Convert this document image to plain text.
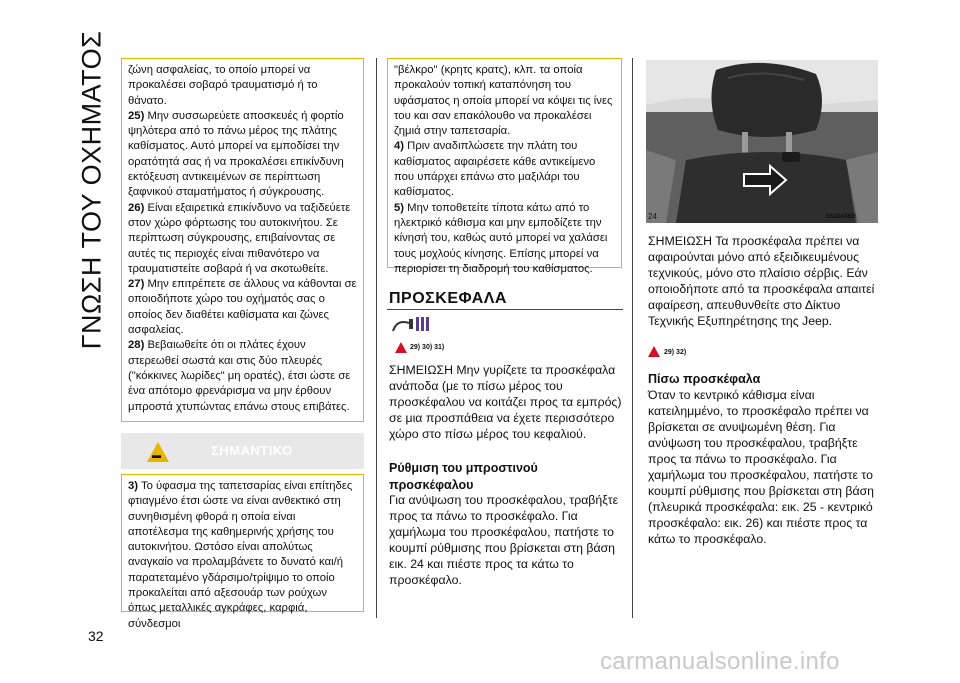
ΓΝΩΣΗ ΤΟΥ ΟΧΗΜΑΤΟΣ
32

ζώνη ασφαλείας, το οποίο μπορεί να προκαλέσει σοβαρό τραυματισμό ή το θάνατο.

25) Μην συσσωρεύετε αποσκευές ή φορτίο ψηλότερα από το πάνω μέρος της πλάτης καθίσματος. Αυτό μπορεί να εμποδίσει την ορατότητά σας ή να προκαλέσει επικίνδυνη εκτόξευση αντικειμένων σε περίπτωση ξαφνικού σταματήματος ή σύγκρουσης.

26) Είναι εξαιρετικά επικίνδυνο να ταξιδεύετε στον χώρο φόρτωσης του αυτοκινήτου. Σε περίπτωση σύγκρουσης, επιβαίνοντας σε αυτές τις περιοχές είναι πιθανότερο να τραυματιστείτε σοβαρά ή να σκοτωθείτε.

27) Μην επιτρέπετε σε άλλους να κάθονται σε οποιοδήποτε χώρο του οχήματός σας ο οποίος δεν διαθέτει καθίσματα και ζώνες ασφαλείας.

28) Βεβαιωθείτε ότι οι πλάτες έχουν στερεωθεί σωστά και στις δύο πλευρές ("κόκκινες λωρίδες" μη ορατές), έτσι ώστε σε ένα απότομο φρενάρισμα να μην έρθουν μπροστά χτυπώντας επάνω στους επιβάτες.

▬	ΣΗΜΑΝΤΙΚΟ

3) Το ύφασμα της ταπετσαρίας είναι επίτηδες φτιαγμένο έτσι ώστε να είναι ανθεκτικό στη συνηθισμένη φθορά η οποία είναι αποτέλεσμα της καθημερινής χρήσης του αυτοκινήτου. Ωστόσο είναι απολύτως αναγκαίο να προλαμβάνετε το δυνατό και/ή παρατεταμένο γδάρσιμο/τρίψιμο το οποίο προκαλείται από αξεσουάρ των ρούχων όπως μεταλλικές αγκράφες, καρφιά, σύνδεσμοι

"βέλκρο" (κρητς κρατς), κλπ. τα οποία προκαλούν τοπική καταπόνηση του υφάσματος η οποία μπορεί να κόψει τις ίνες του και σαν επακόλουθο να προκαλέσει ζημιά στην ταπετσαρία.

4) Πριν αναδιπλώσετε την πλάτη του καθίσματος αφαιρέσετε κάθε αντικείμενο που υπάρχει επάνω στο μαξιλάρι του καθίσματος.

5) Μην τοποθετείτε τίποτα κάτω από το ηλεκτρικό κάθισμα και μην εμποδίζετε την κίνησή του, καθώς αυτό μπορεί να χαλάσει τους μοχλούς κίνησης. Επίσης μπορεί να περιορίσει τη διαδρομή του καθίσματος.

ΠΡΟΣΚΕΦΑΛΑ
29) 30) 31)

ΣΗΜΕΙΩΣΗ Μην γυρίζετε τα προσκέφαλα ανάποδα (με το πίσω μέρος του προσκέφαλου να κοιτάζει προς τα εμπρός) σε μια προσπάθεια να έχετε περισσότερο χώρο στο πίσω μέρος του κεφαλιού.

Ρύθμιση του μπροστινού προσκέφαλου

Για ανύψωση του προσκέφαλου, τραβήξτε προς τα πάνω το προσκέφαλο. Για χαμήλωμα του προσκέφαλου, πατήστε το κουμπί ρύθμισης που βρίσκεται στη βάση εικ. 24 και πιέστε προς τα κάτω το προσκέφαλο.

24	5520436D

ΣΗΜΕΙΩΣΗ Τα προσκέφαλα πρέπει να αφαιρούνται μόνο από εξειδικευμένους τεχνικούς, μόνο στο πλαίσιο σέρβις. Εάν οποιοδήποτε από τα προσκέφαλα απαιτεί αφαίρεση, απευθυνθείτε στο Δίκτυο Τεχνικής Εξυπηρέτησης της Jeep.

29) 32)

Πίσω προσκέφαλα

Όταν το κεντρικό κάθισμα είναι κατειλημμένο, το προσκέφαλο πρέπει να βρίσκεται σε ανυψωμένη θέση. Για ανύψωση του προσκέφαλου, τραβήξτε προς τα πάνω το προσκέφαλο. Για χαμήλωμα του προσκέφαλου, πατήστε το κουμπί ρύθμισης που βρίσκεται στη βάση (πλευρικά προσκέφαλα: εικ. 25 - κεντρικό προσκέφαλο: εικ. 26) και πιέστε προς τα κάτω το προσκέφαλο.

carmanualsonline.info
